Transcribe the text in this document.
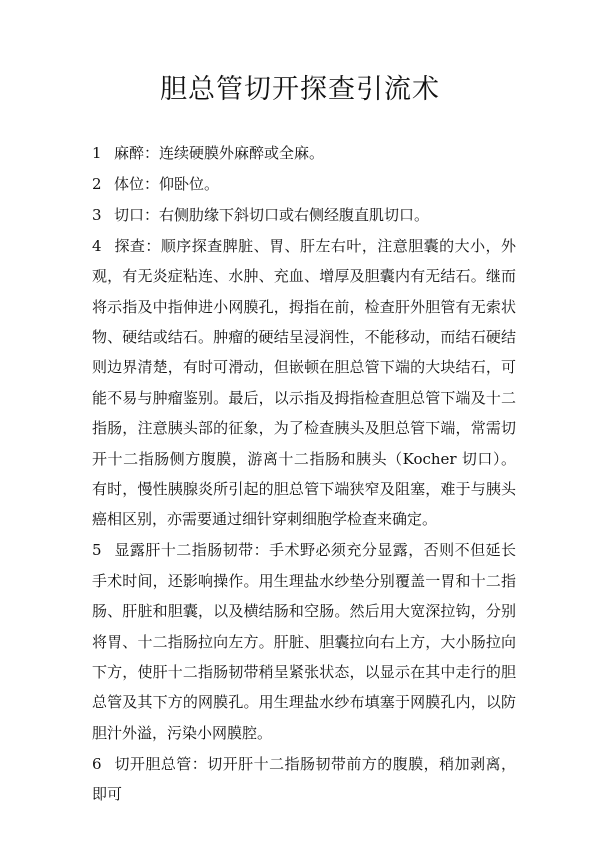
胆总管切开探查引流术

1 麻醉：连续硬膜外麻醉或全麻。

2 体位：仰卧位。

3 切口：右侧肋缘下斜切口或右侧经腹直肌切口。

4 探查：顺序探查脾脏、胃、肝左右叶，注意胆囊的大小，外观，有无炎症粘连、水肿、充血、增厚及胆囊内有无结石。继而将示指及中指伸进小网膜孔，拇指在前，检查肝外胆管有无索状物、硬结或结石。肿瘤的硬结呈浸润性，不能移动，而结石硬结则边界清楚，有时可滑动，但嵌顿在胆总管下端的大块结石，可能不易与肿瘤鉴别。最后，以示指及拇指检查胆总管下端及十二指肠，注意胰头部的征象，为了检查胰头及胆总管下端，常需切开十二指肠侧方腹膜，游离十二指肠和胰头（Kocher 切口）。有时，慢性胰腺炎所引起的胆总管下端狭窄及阻塞，难于与胰头癌相区别，亦需要通过细针穿刺细胞学检查来确定。

5 显露肝十二指肠韧带：手术野必须充分显露，否则不但延长手术时间，还影响操作。用生理盐水纱垫分别覆盖一胃和十二指肠、肝脏和胆囊，以及横结肠和空肠。然后用大宽深拉钩，分别将胃、十二指肠拉向左方。肝脏、胆囊拉向右上方，大小肠拉向下方，使肝十二指肠韧带稍呈紧张状态，以显示在其中走行的胆总管及其下方的网膜孔。用生理盐水纱布填塞于网膜孔内，以防胆汁外溢，污染小网膜腔。

6 切开胆总管：切开肝十二指肠韧带前方的腹膜，稍加剥离，即可
